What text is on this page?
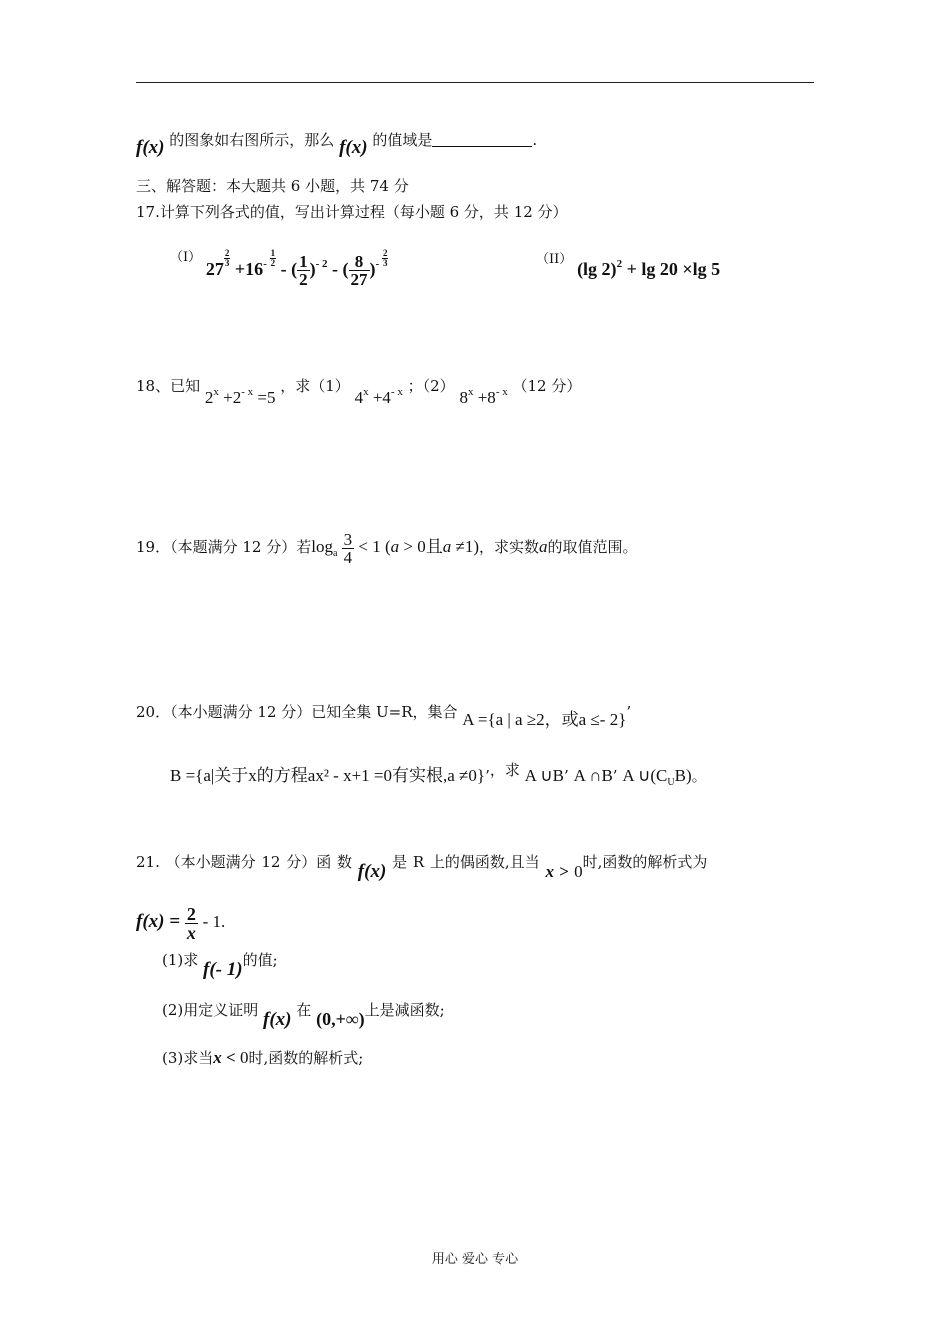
f(x) 的图象如右图所示，那么 f(x) 的值域是	.
三、解答题：本大题共 6 小题，共 74 分
17.计算下列各式的值，写出计算过程（每小题 6 分，共 12 分）
（I） 27
$\frac{2}{3}$
$+16^- \frac{1}{2}$
- ( $\frac{1}{2} )^{- 2}$ - ( $\frac{8}{27} )^- \frac{2}{3}$	（II） (lg 2)$^2$ + lg 20 ×lg 5
18、已知 $2^x +2^{- x} =5$ ，求（1） $4^x +4^{- x}$ ；（2） $8^x +8^{- x}$ （12 分）
19．（本题满分 12 分）若$\log_a \frac{3}{4} < 1$ (a > 0且a ≠1)，求实数a的取值范围。
20．（本小题满分 12 分）已知全集 U=R，集合 A ={a | a ≥2，或a ≤- 2}’
B ={a|关于x的方程ax² - x+1 =0有实根,a ≠0}’，求 A ∪B’ A ∩B’ A $\cup(C_UB)$。
21. （本小题满分 12 分）函 数 f(x) 是 R 上的偶函数,且当 x > 0时,函数的解析式为
$f(x) = \frac{2}{x} - 1$.
(1)求 f(- 1)的值;
(2)用定义证明 f(x) 在 (0,+∞)上是减函数;
(3)求当x < 0时,函数的解析式;
用心 爱心 专心
